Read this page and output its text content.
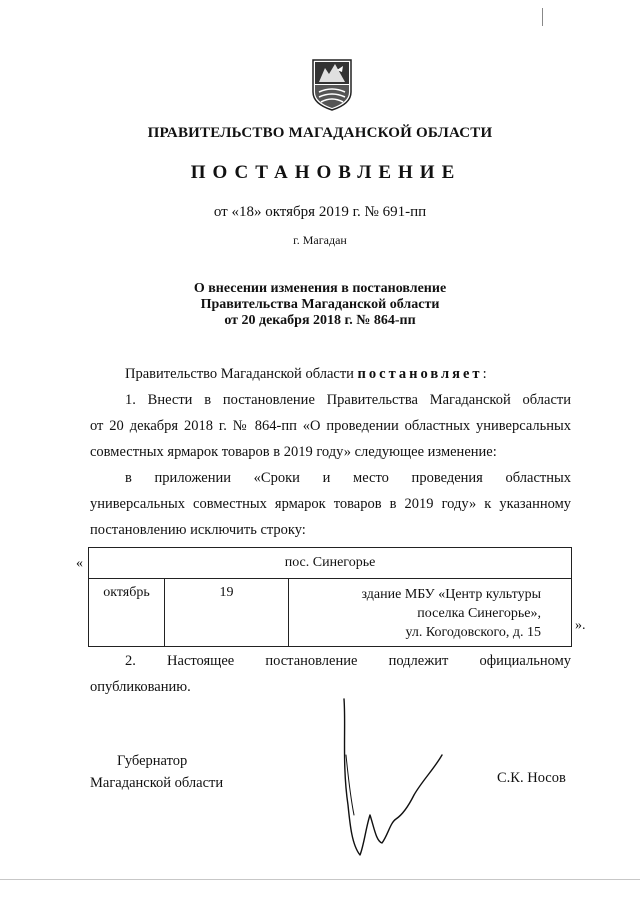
ПРАВИТЕЛЬСТВО МАГАДАНСКОЙ ОБЛАСТИ
ПОСТАНОВЛЕНИЕ
от «18» октября 2019 г. № 691-пп
г. Магадан
О внесении изменения в постановление
Правительства Магаданской области
от 20 декабря 2018 г. № 864-пп
Правительство Магаданской области постановляет:
1. Внести в постановление Правительства Магаданской области
от 20 декабря 2018 г. № 864-пп «О проведении областных универсальных
совместных ярмарок товаров в 2019 году» следующее изменение:
в приложении «Сроки и место проведения областных
универсальных совместных ярмарок товаров в 2019 году» к указанному
постановлению исключить строку:
«	пос. Синегорье
октябрь	19	здание МБУ «Центр культуры
поселка Синегорье»,
ул. Когодовского, д. 15 ».
2. Настоящее постановление подлежит официальному
опубликованию.
Губернатор
Магаданской области	С.К. Носов
